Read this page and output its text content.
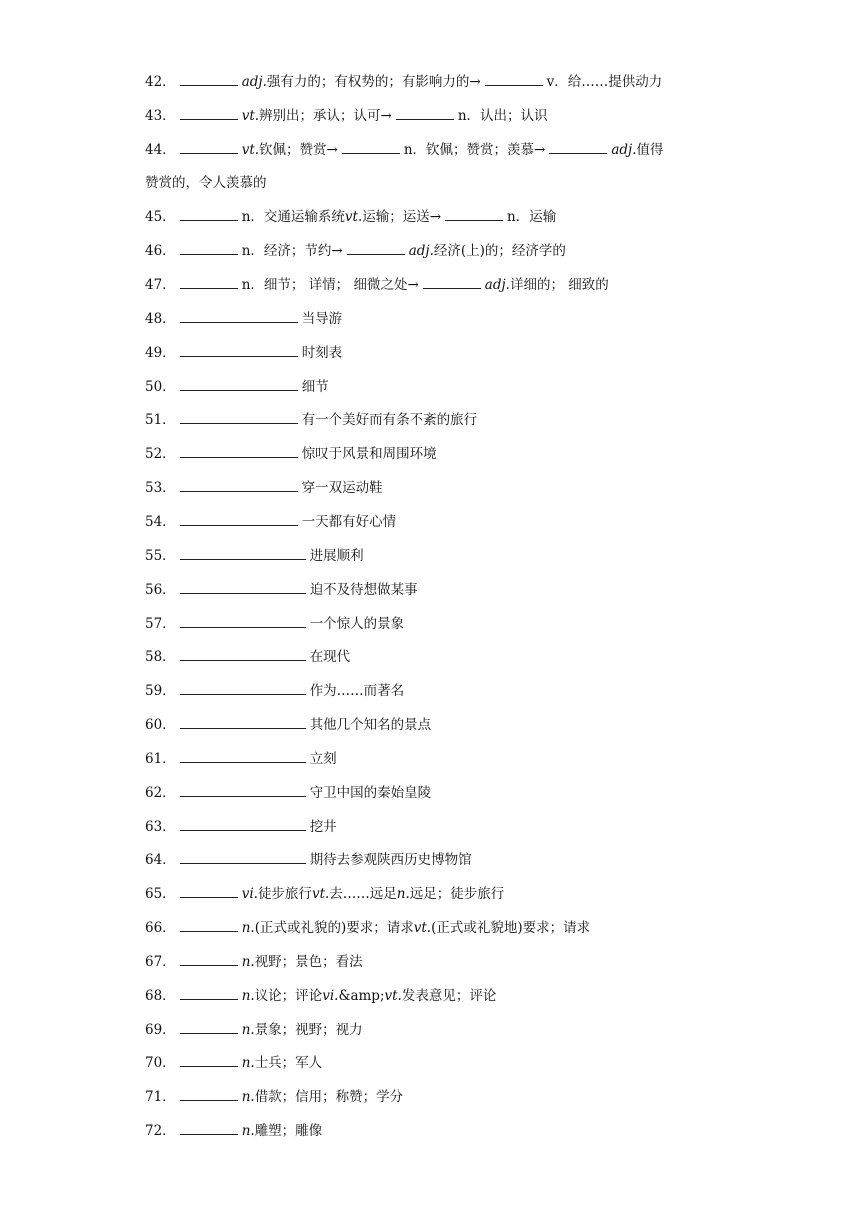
42．	adj. 强有力的；有权势的；有影响力的→	v．给……提供动力
43．	vt. 辨别出；承认；认可→	n．认出；认识
44．	vt. 钦佩；赞赏→	n．钦佩；赞赏；羡慕→	adj. 值得
赞赏的，令人羡慕的
45．	n．交通运输系统 vt. 运输；运送→	n．运输
46．	n．经济；节约→	adj. 经济(上)的；经济学的
47．	n．细节； 详情； 细微之处→	adj. 详细的； 细致的
48．	当导游
49．	时刻表
50．	细节
51．	有一个美好而有条不紊的旅行
52．	惊叹于风景和周围环境
53．	穿一双运动鞋
54．	一天都有好心情
55．	进展顺利
56．	迫不及待想做某事
57．	一个惊人的景象
58．	在现代
59．	作为……而著名
60．	其他几个知名的景点
61．	立刻
62．	守卫中国的秦始皇陵
63．	挖井
64．	期待去参观陕西历史博物馆
65．	vi. 徒步旅行 vt. 去……远足 n. 远足；徒步旅行
66．	n. (正式或礼貌的)要求；请求 vt. (正式或礼貌地)要求；请求
67．	n. 视野；景色；看法
68．	n. 议论；评论 vi. &amp; vt. 发表意见；评论
69．	n. 景象；视野；视力
70．	n. 士兵；军人
71．	n. 借款；信用；称赞；学分
72．	n. 雕塑；雕像
